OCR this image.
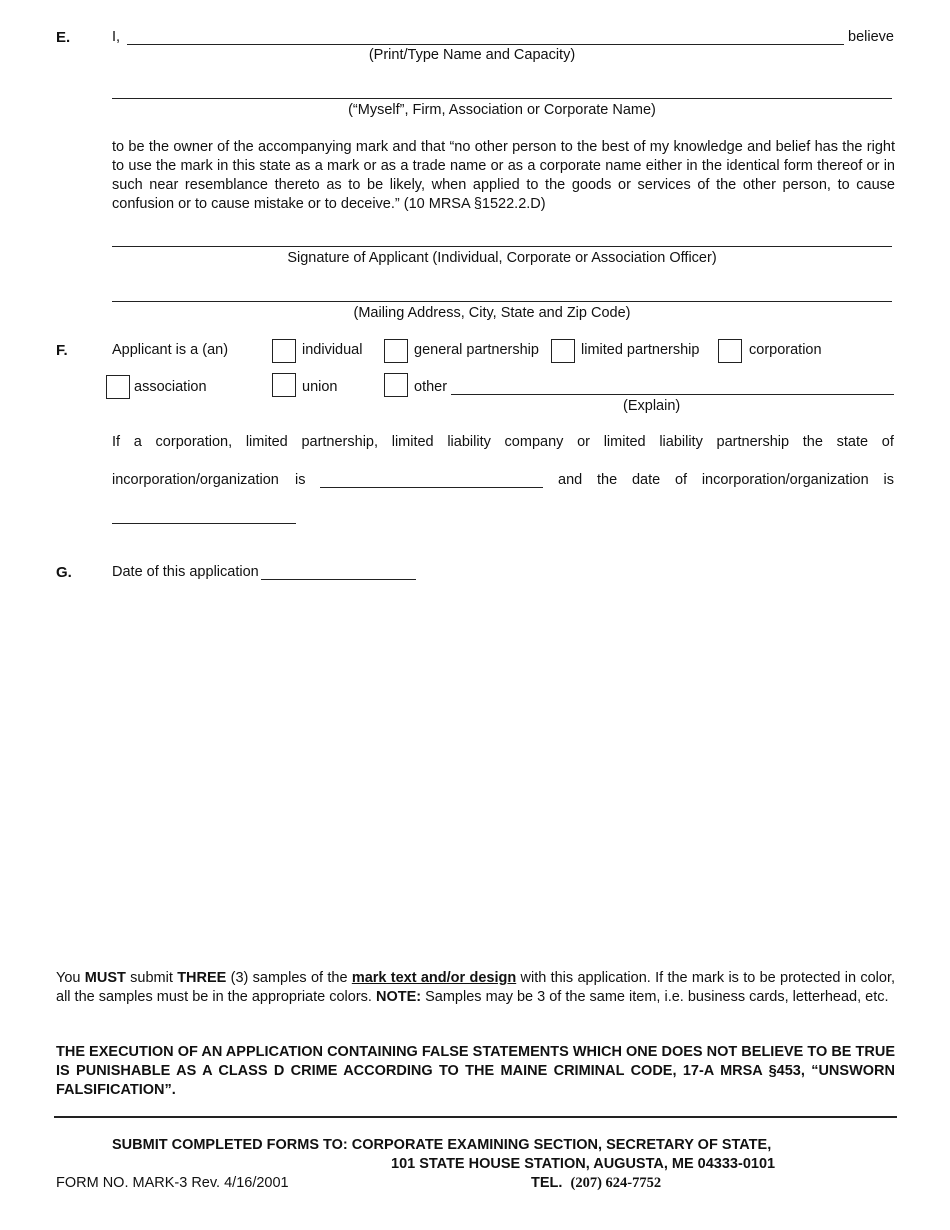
E.	I,	believe
(Print/Type Name and Capacity)
(“Myself”, Firm, Association or Corporate Name)
to be the owner of the accompanying mark and that “no other person to the best of my knowledge and belief has the right to use the mark in this state as a mark or as a trade name or as a corporate name either in the identical form thereof or in such near resemblance thereto as to be likely, when applied to the goods or services of the other person, to cause confusion or to cause mistake or to deceive.” (10 MRSA §1522.2.D)
Signature of Applicant (Individual, Corporate or Association Officer)
(Mailing Address, City, State and Zip Code)
F.	Applicant is a (an)	individual	general partnership	limited partnership	corporation
association	union	other
(Explain)
If a corporation, limited partnership, limited liability company or limited liability partnership the state of
incorporation/organization    is	and the date of incorporation/organization is
G.	Date of this application
You MUST submit THREE (3) samples of the mark text and/or design with this application. If the mark is to be protected in color, all the samples must be in the appropriate colors. NOTE: Samples may be 3 of the same item, i.e. business cards, letterhead, etc.
THE EXECUTION OF AN APPLICATION CONTAINING FALSE STATEMENTS WHICH ONE DOES NOT BELIEVE TO BE TRUE IS PUNISHABLE AS A CLASS D CRIME ACCORDING TO THE MAINE CRIMINAL CODE, 17-A MRSA §453, “UNSWORN FALSIFICATION”.
SUBMIT COMPLETED FORMS TO: CORPORATE EXAMINING SECTION, SECRETARY OF STATE,
101 STATE HOUSE STATION, AUGUSTA, ME 04333-0101
FORM NO. MARK-3 Rev. 4/16/2001	TEL. (207) 624-7752
